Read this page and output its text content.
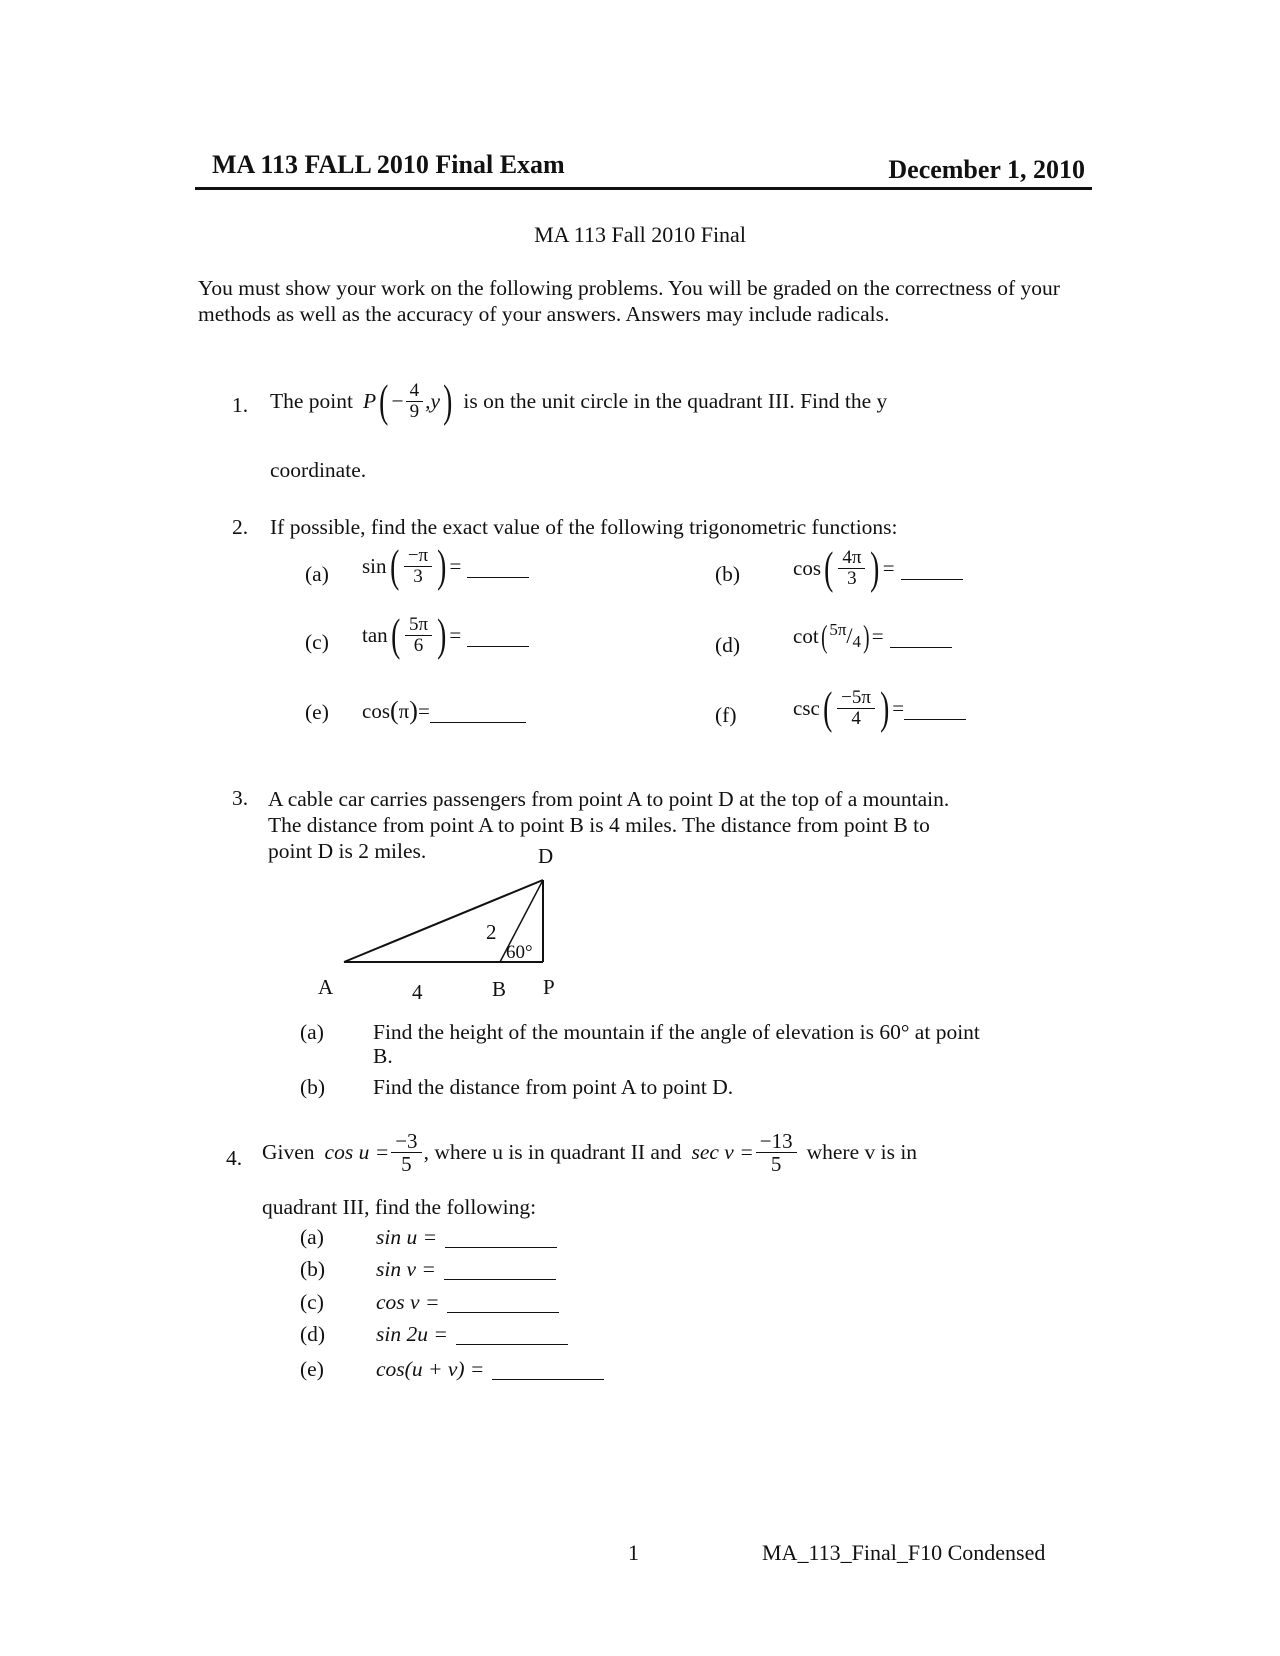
MA 113 FALL 2010 Final Exam	December 1, 2010
MA 113 Fall 2010 Final
You must show your work on the following problems. You will be graded on the correctness of your methods as well as the accuracy of your answers. Answers may include radicals.
1. The point P ( − $\frac{4}{9} ,y$ ) is on the unit circle in the quadrant III. Find the y
coordinate.
2. If possible, find the exact value of the following trigonometric functions:
(a) sin ( $\frac{-\pi}{3}$ ) =	(b)	cos ( $\frac{4\pi}{3}$ ) =
(c) tan ( $\frac{5\pi}{6}$ ) =	(d)	cot ( 5π / 4 ) =
(e) cos ( π ) =	(f)	csc ( $\frac{-5\pi}{4}$ ) =
3. A cable car carries passengers from point A to point D at the top of a mountain.
The distance from point A to point B is 4 miles. The distance from point B to
point D is 2 miles.	D
2
60°
A	4	B P
(a) Find the height of the mountain if the angle of elevation is 60° at point
B.
(b) Find the distance from point A to point D.
4. Given $\cos u = \frac{-3}{5}$ , where u is in quadrant II and $\sec v = \frac{-13}{5}$ where v is in
quadrant III, find the following:
(a) sin u =
(b) sin v =
(c) cos v =
(d) sin 2u =
(e) cos(u + v) =
1	MA_113_Final_F10 Condensed
